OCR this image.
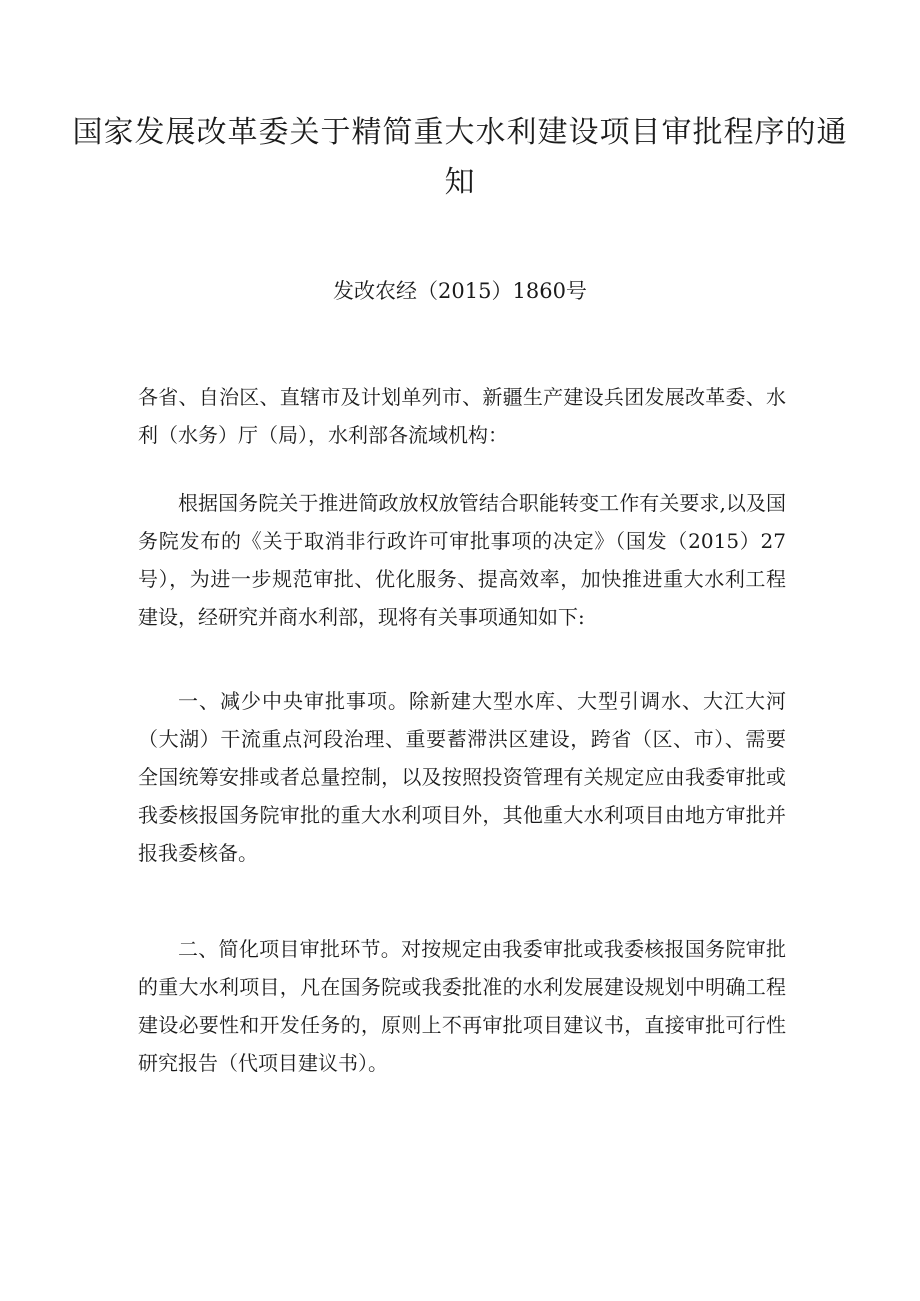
国家发展改革委关于精简重大水利建设项目审批程序的通知

发改农经（2015）1860号

各省、自治区、直辖市及计划单列市、新疆生产建设兵团发展改革委、水利（水务）厅（局），水利部各流域机构：

根据国务院关于推进简政放权放管结合职能转变工作有关要求,以及国务院发布的《关于取消非行政许可审批事项的决定》（国发（2015）27号），为进一步规范审批、优化服务、提高效率，加快推进重大水利工程建设，经研究并商水利部，现将有关事项通知如下:

一、减少中央审批事项。除新建大型水库、大型引调水、大江大河（大湖）干流重点河段治理、重要蓄滞洪区建设，跨省（区、市）、需要全国统筹安排或者总量控制，以及按照投资管理有关规定应由我委审批或我委核报国务院审批的重大水利项目外，其他重大水利项目由地方审批并报我委核备。

二、简化项目审批环节。对按规定由我委审批或我委核报国务院审批的重大水利项目，凡在国务院或我委批准的水利发展建设规划中明确工程建设必要性和开发任务的，原则上不再审批项目建议书，直接审批可行性研究报告（代项目建议书）。
